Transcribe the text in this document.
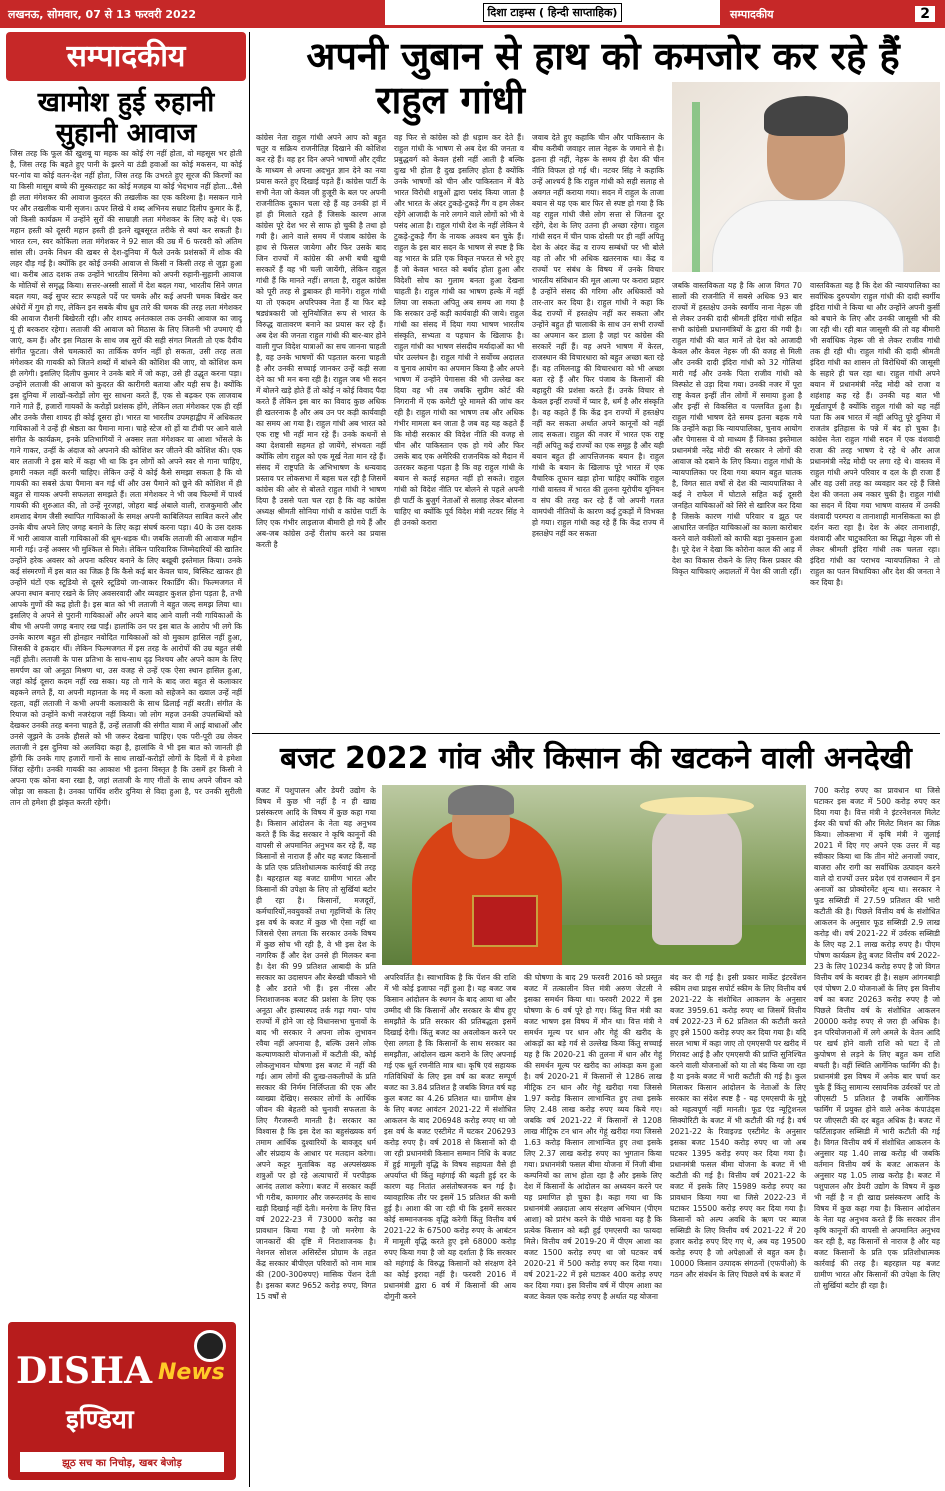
लखनऊ, सोमवार, 07 से 13 फरवरी 2022	दिशा टाइम्स ( हिन्दी साप्ताहिक)	सम्पादकीय	2
सम्पादकीय
खामोश हुई रुहानी
सुहानी आवाज
जिस तरह कि फूल की खुशबू या महक का कोई रंग नहीं होता, वो महसूस भर होती है, जिस तरह कि बहते हुए पानी के झरने या ठंडी हवाओं का कोई मकसन, या कोई घर-गांव या कोई वतन-देश नहीं होता, जिस तरह कि उभरते हुए सूरज की किरणों का या किसी मासूम बच्चे की मुस्कराहट का कोई मजहब या कोई भेदभाव नहीं होता...वैसे ही लता मंगेशकर की आवाज कुदरत की तखलीक का एक करिश्मा है। मसकन गाने पर और तखलीक यानी सृजन। ऊपर लिखे ये शब्द अभिनय सम्राट दिलीप कुमार के हैं, जो किसी कार्यक्रम में उन्होंने सुरों की साम्राज्ञी लता मंगेशकर के लिए कहे थे। एक महान हस्ती को दूसरी महान हस्ती ही इतने खूबसूरत तरीके से बयां कर सकती है। भारत रत्न, स्वर कोकिला लता मंगेशकर ने 92 साल की उम्र में 6 फरवरी को अंतिम सांस ली। उनके निधन की खबर से देश-दुनिया में फैले उनके प्रशंसकों में शोक की लहर दौड़ गई है। क्योंकि हर कोई उनकी आवाज से किसी न किसी तरह से जुड़ा हुआ था। करीब आठ दशक तक उन्होंने भारतीय सिनेमा को अपनी रुहानी-सुहानी आवाज के मोतियों से समृद्ध किया। सत्तर-अस्सी सालों में देश बदल गया, भारतीय सिने जगत बदल गया, कई सुपर स्टार रूपहले पर्दे पर चमके और कई अपनी चमक बिखेर कर अंधेरों में गुम हो गए, लेकिन इन सबके बीच ध्रुव तारे की चमक की तरह लता मंगेशकर की आवाज रौशनी बिखेरती रही। और शायद अनंतकाल तक उनकी आवाज का जादू यूं ही बरकरार रहेगा। लताजी की आवाज को मिठास के लिए जितनी भी उपमाएं दी जाएं, कम हैं। और इस मिठास के साथ जब सुरों की सही संगत मिलती तो एक दैवीय संगीत फूटता। जैसे चमत्कारों का तार्किक वर्णन नहीं हो सकता, उसी तरह लता मंगेशकर की गायकी को जितने शब्दों में बांधने की कोशिश की जाए, वो कोशिश कम ही लगेगी। इसलिए दिलीप कुमार ने उनके बारे में जो कहा, उसे ही उद्धृत करना पड़ा। उन्होंने लताजी की आवाज को कुदरत की कारीगरी बताया और यही सच है। क्योंकि इस दुनिया में लाखों-करोड़ों लोग सुर साधना करते हैं, एक से बढ़कर एक लाजवाब गाने गाते हैं, हजारों गायकों के करोड़ों प्रशंसक होंगे, लेकिन लता मंगेशकर एक ही रहीं और उनके जैसा शायद ही कोई दूसरा हो। भारत या भारतीय उपमहाद्वीप में अधिकतर गायिकाओं ने उन्हें ही श्रेष्ठता का पैमाना माना। चाहे स्टेज शो हों या टीवी पर आने वाले संगीत के कार्यक्रम, इनके प्रतिभागियों ने अक्सर लता मंगेशकर या आशा भोंसले के गाने गाकर, उन्हीं के अंदाज को अपनाने की कोशिश कर जीतने की कोशिश की। एक बार लताजी ने इस बारे में कहा भी था कि इन लोगों को अपने स्वर से गाना चाहिए, हमारी नकल नहीं करनी चाहिए। लेकिन उन्हें ये कोई कैसे समझा सकता है कि वो गायकी का सबसे ऊंचा पैमाना बन गई थीं और उस पैमाने को छूने की कोशिश में ही बहुत से गायक अपनी सफलता समझते हैं। लता मंगेशकर ने भी जब फिल्मों में पार्श्व गायकी की शुरुआत की, तो उन्हें नूरजहां, जोहरा बाई अंबाले वाली, राजकुमारी और शमशाद बेगम जैसी स्थापित गायिकाओं के समक्ष अपनी काबिलियत साबित करने और उनके बीच अपने लिए जगह बनाने के लिए कड़ा संघर्ष करना पड़ा। 40 के उस दशक में भारी आवाज वाली गायिकाओं की धूम-धड़क थी। जबकि लताजी की आवाज महीन मानी गई। उन्हें अक्सर भी मुश्किल से मिले। लेकिन पारिवारिक जिम्मेदारियों की खातिर उन्होंने हरेक अवसर को अपना करियर बनाने के लिए बखूबी इस्तेमाल किया। उनके कई संस्मरणों में इस बात का जिक्र है कि कैसे कई बार केवल चाय, बिस्किट खाकर ही उन्होंने घंटों एक स्टूडियो से दूसरे स्टूडियो जा-जाकर रिकार्डिंग की। फिल्मजगत में अपना स्थान बनाए रखने के लिए अवसरवादी और व्यवहार कुशल होना पड़ता है, तभी आपके गुणों की कद्र होती है। इस बात को भी लताजी ने बहुत जल्द समझ लिया था। इसलिए वे अपने से पुरानी गायिकाओं और अपने बाद आने वाली नयी गायिकाओं के बीच भी अपनी जगह बनाए रख पाईं। हालांकि उन पर इस बात के आरोप भी लगे कि उनके कारण बहुत सी होनहार नवोदित गायिकाओं को वो मुकाम हासिल नहीं हुआ, जिसकी वे हकदार थीं। लेकिन फिल्मजगत में इस तरह के आरोपों की उम्र बहुत लंबी नहीं होती। लताजी के पास प्रतिभा के साथ-साथ दृढ़ निश्चय और अपने काम के लिए समर्पण का जो अनूठा मिश्रण था, उस वजह से उन्हें एक ऐसा स्थान हासिल हुआ, जहां कोई दूसरा कदम नहीं रख सका। यह तो गाने के बाद जरा बहुत से कलाकार बहकने लगते हैं, या अपनी महानता के मद में कला को सहेजने का ख्याल उन्हें नहीं रहता, वहीं लताजी ने कभी अपनी कलाकारी के साथ ढिलाई नहीं बरती। संगीत के रियाज को उन्होंने कभी नजरंदाज नहीं किया। जो लोग महज उनकी उपलब्धियों को देखकर उनकी तरह बनना चाहते हैं, उन्हें लताजी की संगीत यात्रा में आई बाधाओं और उनसे जूझने के उनके हौसले को भी जरूर देखना चाहिए। एक परी-पूरी उम्र लेकर लताजी ने इस दुनिया को अलविदा कहा है, हालांकि वे भी इस बात को जानती ही होंगी कि उनके गाए हजारों गानों के साथ लाखों-करोड़ों लोगों के दिलों में वे हमेशा जिंदा रहेंगी। उनकी गायकी का आकाश भी इतना विस्तृत है कि उसमें हर किसी ने अपना एक कोना बना रखा है, जहां लताजी के गाए गीतों के साथ अपने जीवन को जोड़ा जा सकता है। उनका पार्थिव शरीर दुनिया से विदा हुआ है, पर उनकी सुरीली तान तो हमेशा ही झंकृत करती रहेगी।
DISHA News
इण्डिया
झूठ सच का निचोड़, खबर बेजोड़
अपनी जुबान से हाथ को कमजोर कर रहे हैं
राहुल गांधी
कांग्रेस नेता राहुल गांधी अपने आप को बहुत चतुर व सक्रिय राजनीतिज्ञ दिखाने की कोशिश कर रहे हैं। वह हर दिन अपने भाषणों और ट्वीट के माध्यम से अपना अदभुत ज्ञान देने का नया प्रयास करते हुए दिखाई पड़ते हैं। कांग्रेस पार्टी के सभी नेता जो केवल जी हुजूरी के बल पर अपनी राजनीतिक दुकान चला रहे हैं वह उनकी हां में हां ही मिलाते रहते हैं जिसके कारण आज कांग्रेस पूरे देश भर से साफ हो चुकी है तथा हो गयी है। आने वाले समय में पंजाब कांग्रेस के हाथ से फिसल जायेगा और फिर उसके बाद जिन राज्यों में कांग्रेस की अभी बची खुची सरकारें हैं वह भी चली जायेंगी, लेकिन राहुल गांधी हैं कि मानते नहीं। लगता है, राहुल कांग्रेस को पूरी तरह से डुबाकर ही मानेंगे। राहुल गांधी या तो एकदम अपरिपक्व नेता हैं या फिर बड़े षड्यंत्रकारी जो सुनियोजित रूप से भारत के विरुद्ध वातावरण बनाने का प्रयास कर रहे हैं। अब देश की जनता राहुल गांधी की बार-बार होने वाली गुप्त विदेश यात्राओं का सच जानना चाहती है, वह उनके भाषणों की पड़ताल करना चाहती है और उनकी सच्चाई जानकर उन्हें कड़ी सजा देने का भी मन बना रही है। राहुल जब भी सदन में बोलने खड़े होते हैं तो कोई न कोई विवाद पैदा करते हैं लेकिन इस बार का विवाद कुछ अधिक ही खतरनाक है और अब उन पर कड़ी कार्यवाही का समय आ गया है। राहुल गांधी अब भारत को एक राष्ट्र भी नहीं मान रहे हैं। उनके कथनों से क्या देशवासी सहमत हो जायेंगे, संभवतः नहीं क्योंकि लोग राहुल को एक मूर्ख नेता मान रहे हैं। संसद में राष्ट्रपति के अभिभाषण के धन्यवाद प्रस्ताव पर लोकसभा में बहस चल रही है जिसमें कांग्रेस की ओर से बोलते राहुल गांधी ने भाषण दिया है उससे पता चल रहा है कि वह कांग्रेस अध्यक्ष श्रीमती सोनिया गांधी व कांग्रेस पार्टी के लिए एक गंभीर लाइलाज बीमारी हो गये हैं और अब-जब कांग्रेस उन्हें रीलांच करने का प्रयास करती है
वह फिर से कांग्रेस को ही धड़ाम कर देते हैं। राहुल गांधी के भाषण से अब देश की जनता व प्रबुद्धवर्ग को केवल हंसी नहीं आती है बल्कि दुःख भी होता है दुख इसलिए होता है क्योंकि उनके भाषणों को चीन और पाकिस्तान में बैठे भारत विरोधी शत्रुओं द्वारा पसंद किया जाता है और भारत के अंदर टुकड़े-टुकड़े गैंग व हम लेकर रहेंगे आजादी के नारे लगाने वाले लोगों को भी वे पसंद आता है। राहुल गांधी देश के नहीं लेकिन वे टुकड़े-टुकड़े गैंग के नायक अवश्य बन चुके हैं। राहुल के इस बार सदन के भाषण से स्पष्ट है कि वह भारत के प्रति एक विकृत नफरत से भरे हुए हैं जो केवल भारत को बर्बाद होता हुआ और विदेशी सोच का गुलाम बनता हुआ देखना चाहती है। राहुल गांधी का भाषण हल्के में नहीं लिया जा सकता अपितु अब समय आ गया है कि सरकार उन्हें कड़ी कार्यवाही की जाये। राहुल गांधी का संसद में दिया गया भाषण भारतीय संस्कृति, सभ्यता व पहचान के खिलाफ है। राहुल गांधी का भाषण संसदीय मर्यादाओं का भी घोर उल्लंघन है। राहुल गांधी ने सर्वोच्च अदालत व चुनाव आयोग का अपमान किया है और अपने भाषण में उन्होंने पेगासस की भी उल्लेख कर दिया वह भी तब जबकि सुप्रीम कोर्ट की निगरानी में एक कमेटी पूरे मामले की जांच कर रही है। राहुल गांधी का भाषण तब और अधिक गंभीर मामला बन जाता है जब वह यह कहते हैं कि मोदी सरकार की विदेश नीति की वजह से चीन और पाकिस्तान एक हो गये और फिर उसके बाद एक अमेरिकी राजनयिक को मैदान में उतरकर कहना पड़ता है कि वह राहुल गांधी के बयान से कतई सहमत नहीं हो सकते। राहुल गांधी को विदेश नीति पर बोलने से पहले अपनी ही पार्टी के बुजुर्ग नेताओं से सलाह लेकर बोलना चाहिए था क्योंकि पूर्व विदेश मंत्री नटवर सिंह ने ही उनको करारा
जवाब देते हुए कहाकि चीन और पाकिस्तान के बीच करीबी जवाहर लाल नेहरू के जमाने से है। इतना ही नहीं, नेहरू के समय ही देश की चीन नीति विफल हो गई थी। नटवर सिंह ने कहाकि उन्हें आश्चर्य है कि राहुल गांधी को सही सलाह से अवगत नहीं कराया गया। सदन में राहुल के ताजा बयान से यह एक बार फिर से स्पष्ट हो गया है कि वह राहुल गांधी जैसे लोग सत्ता से जितना दूर रहेंगे, देश के लिए उतना ही अच्छा रहेगा। राहुल गांधी सदन में चीन पाक दोस्ती पर ही नहीं अपितु देश के अंदर केंद्र व राज्य सम्बंधों पर भी बोले वह तो और भी अधिक खतरनाक था। केंद्र व राज्यों पर संबंध के विषय में उनके विचार भारतीय संविधान की मूल आत्मा पर करारा प्रहार है उन्होंने संसद की गरिमा और अधिकारों को तार-तार कर दिया है। राहुल गांधी ने कहा कि केंद्र राज्यों में हस्तक्षेप नहीं कर सकता और उन्होंने बहुत ही चालाकी के साथ उन सभी राज्यों का अपमान कर डाला है जहां पर कांग्रेस की सरकारें नहीं हैं। वह अपने भाषण में केरल, राजस्थान की विचारधारा को बहुत अच्छा बता रहे हैं। वह तमिलनाडु की विचारधारा को भी अच्छा बता रहे हैं और फिर पंजाब के किसानों की बहादुरी की प्रशंसा करते हैं। उनके विचार से केवल इन्हीं राज्यों में प्यार है, धर्म है और संस्कृति है। वह कहते हैं कि केंद्र इन राज्यों में हस्तक्षेप नहीं कर सकता अर्थात अपने कानूनों को नहीं लाद सकता। राहुल की नजर में भारत एक राष्ट्र नहीं अपितु कई राज्यों का एक समूह है और यही बयान बहुत ही आपत्तिजनक बयान है। राहुल गांधी के बयान के खिलाफ पूरे भारत में एक वैचारिक तूफान खड़ा होना चाहिए क्योंकि राहुल गांधी वास्तव में भारत की तुलना यूरोपीय यूनियन व संघ की तरह कर रहे हैं जो अपनी गलत वामपंथी नीतियों के कारण कई टुकड़ों में विभक्त हो गया। राहुल गांधी कह रहे हैं कि केंद्र राज्य में हस्तक्षेप नहीं कर सकता
जबकि वास्तविकता यह है कि आज विगत 70 सालों की राजनीति में सबसे अधिक 93 बार राज्यों में हस्तक्षेप उनके स्वर्गीय नाना नेहरू जी से लेकर उनकी दादी श्रीमती इंदिरा गांधी सहित सभी कांग्रेसी प्रधानमंत्रियों के द्वारा की गयी है। राहुल गांधी की बात मानें तो देश को आजादी केवल और केवल नेहरू जी की वजह से मिली और उनकी दादी इंदिरा गांधी को 32 गोलियां मारी गईं और उनके पिता राजीव गांधी को विस्फोट से उड़ा दिया गया। उनकी नजर में पूरा राष्ट्र केवल इन्हीं तीन लोगों में समाया हुआ है और इन्हीं से विकसित व पल्लवित हुआ है। राहुल गांधी भाषण देते समय इतना बहक गये कि उन्होंने कहा कि न्यायपालिका, चुनाव आयोग और पेगासस ये वो माध्यम हैं जिनका इस्तेमाल प्रधानमंत्री नरेंद्र मोदी की सरकार ने लोगों की आवाज को दबाने के लिए किया। राहुल गांधी के न्यायपालिका पर दिया गया बयान बहुत घातक है, विगत सात वर्षों से देश की न्यायपालिका ने कई ने राफेल में घोटाले सहित कई दूसरी जनहित याचिकाओं को सिरे से खारिज कर दिया है जिसके कारण गांधी परिवार व झूठ पर आधारित जनहित याचिकाओं का काला कारोबार करने वाले वकीलों को काफी बड़ा नुकसान हुआ है। पूरे देश ने देखा कि कोरोना काल की आड़ में देश का विकास रोकने के लिए किस प्रकार की विकृत याचिकाएं अदालतों में पेश की जाती रहीं।
वास्तविकता यह है कि देश की न्यायपालिका का सर्वाधिक दुरुपयोग राहुल गांधी की दादी स्वर्गीय इंदिरा गांधी ने किया था और उन्होंने अपनी कुर्सी को बचाने के लिए और उनकी जासूसी भी की जा रही थी। रही बात जासूसी की तो वह बीमारी भी सर्वाधिक नेहरू जी से लेकर राजीव गांधी तक ही रही थी। राहुल गांधी की दादी श्रीमती इंदिरा गांधी का शासन तो विरोधियों की जासूसी के सहारे ही चल रहा था। राहुल गांधी अपने बयान में प्रधानमंत्री नरेंद्र मोदी को राजा व शहंशाह कह रहे हैं। उनकी यह बात भी मूर्खतापूर्ण है क्योंकि राहुल गांधी को यह नहीं पता कि अब भारत में नहीं अपितु पूरे दुनिया में राजतंत्र इतिहास के पन्ने में बंद हो चुका है। कांग्रेस नेता राहुल गांधी सदन में एक वंशवादी राजा की तरह भाषण दे रहे थे और आज प्रधानमंत्री नरेंद्र मोदी पर लगा रहे थे। वास्तव में राहुल गांधी अपने परिवार व दल के ही राजा हैं और वह उसी तरह का व्यवहार कर रहे हैं जिसे देश की जनता अब नकार चुकी है। राहुल गांधी का सदन में दिया गया भाषण वास्तव में उनकी वंशवादी परम्परा व तानाशाही मानसिकता का ही दर्शन करा रहा है। देश के अंदर तानाशाही, वंशवादी और चाटुकारिता का सिद्धा नेहरू जी से लेकर श्रीमती इंदिरा गांधी तक चलता रहा। इंदिरा गांधी का पराभव न्यायपालिका ने तो राहुल का पतन विधायिका और देश की जनता ने कर दिया है।
बजट 2022 गांव और किसान की खटकने वाली अनदेखी
बजट में पशुपालन और डेयरी उद्योग के विषय में कुछ भी नहीं है न ही खाद्य प्रसंस्करण आदि के विषय में कुछ कहा गया है। किसान आंदोलन के नेता यह अनुभव करते हैं कि केंद्र सरकार ने कृषि कानूनों की वापसी से अपमानित अनुभव कर रहे हैं, वह किसानों से नाराज हैं और यह बजट किसानों के प्रति एक प्रतिशोधात्मक कार्रवाई की तरह है। बहरहाल यह बजट ग्रामीण भारत और किसानों की उपेक्षा के लिए तो सुर्खियां बटोर ही रहा है। किसानों, मजदूरों, कर्मचारियों,नवयुवकों तथा गृहणियों के लिए इस वर्ष के बजट में कुछ भी ऐसा नहीं था जिससे ऐसा लगता कि सरकार उनके विषय में कुछ सोच भी रही है, वे भी इस देश के नागरिक हैं और देश उनसे ही मिलकर बना है। देश की 99 प्रतिशत आबादी के प्रति सरकार का उदासपन और बेरुखी चौंकाने भी है और डराते भी हैं। इस नीरस और निराशाजनक बजट की प्रशंसा के लिए एक अनूठा और हास्यास्पद तर्क गढ़ा गया- पांच राज्यों में होने जा रहे विधानसभा चुनावों के बाद भी सरकार ने अपना लोक लुभावन रवैया नहीं अपनाया है, बल्कि उसने लोक कल्याणकारी योजनाओं में कटौती की, कोई लोकलुभावन घोषणा इस बजट में नहीं की गई। आम लोगों की दुःख-तकलीफों के प्रति सरकार की निर्मम निर्लिप्तता की एक और व्याख्या देखिए। सरकार लोगों के आर्थिक जीवन की बेहतरी को चुनावी सफलता के लिए गैरजरूरी मानती है। सरकार का विश्वास है कि इस देश का बहुसंख्यक वर्ग तमाम आर्थिक दुश्वारियों के बावजूद धर्म और संप्रदाय के आधार पर मतदान करेगा। अपने कट्टर मुताबिक वह अल्पसंख्यक शत्रुओं पर हो रहे अत्याचारों में परपीड़क आनंद तलाश करेगा। बजट में सरकार कहीं भी गरीब, कामगार और जरूरतमंद के साथ खड़ी दिखाई नहीं देती। मनरेगा के लिए वित्त वर्ष 2022-23 में 73000 करोड़ का प्रावधान किया गया है जो मनरेगा के जानकारों की दृष्टि में निराशाजनक है। नेशनल सोशल असिस्टेंस प्रोग्राम के तहत केंद्र सरकार बीपीएल परिवारों को नाम मात्र की (200-300रुपए) मासिक पेंशन देती है। इसका बजट 9652 करोड़ रुपए, विगत 15 वर्षों से
अपरिवर्तित है। स्वाभाविक है कि पेंशन की राशि में भी कोई इजाफा नहीं हुआ है। यह बजट जब किसान आंदोलन के स्थगन के बाद आया था और उम्मीद थी कि किसानों और सरकार के बीच हुए समझौते के प्रति सरकार की प्रतिबद्धता इसमें दिखाई देगी। किंतु बजट का अवलोकन करने पर ऐसा लगता है कि किसानों के साथ सरकार का समझौता, आंदोलन खत्म कराने के लिए अपनाई गई एक धूर्त रणनीति मात्र था। कृषि एवं सहायक गतिविधियों के लिए इस वर्ष का बजट सम्पूर्ण बजट का 3.84 प्रतिशत है जबकि विगत वर्ष यह कुल बजट का 4.26 प्रतिशत था। ग्रामीण क्षेत्र के लिए बजट आवंटन 2021-22 में संशोधित आकलन के बाद 206948 करोड़ रुपए था जो इस वर्ष के बजट एस्टीमेट में घटकर 206293 करोड़ रुपए है। वर्ष 2018 से किसानों को दी जा रही प्रधानमंत्री किसान सम्मान निधि के बजट में हुई मामूली वृद्धि के विषय सहायता वैसे ही अपर्याप्त थी किंतु महंगाई की बढ़ती हुई दर के कारण यह नितांत असंतोषजनक बन गई है। व्यावहारिक तौर पर इसमें 15 प्रतिशत की कमी हुई है। आशा की जा रही थी कि इसमें सरकार कोई सम्मानजनक वृद्धि करेगी किंतु वित्तीय वर्ष 2021-22 के 67500 करोड़ रुपए के आबंटन में मामूली वृद्धि करते हुए इसे 68000 करोड़ रुपए किया गया है जो यह दर्शाता है कि सरकार को महंगाई के विरुद्ध किसानों को संरक्षण देने का कोई इरादा नहीं है। फरवरी 2016 में प्रधानमंत्री द्वारा 6 वर्ष में किसानों की आय दोगुनी करने
की घोषणा के बाद 29 फरवरी 2016 को प्रस्तुत बजट में तत्कालीन वित्त मंत्री अरुण जेटली ने इसका समर्थन किया था। फरवरी 2022 में इस घोषणा के 6 वर्ष पूरे हो गए। किंतु वित्त मंत्री का बजट भाषण इस विषय में मौन था। वित्त मंत्री ने समर्थन मूल्य पर धान और गेहूं की खरीद के आंकड़ों का बड़े गर्व से उल्लेख किया किंतु सच्चाई यह है कि 2020-21 की तुलना में धान और गेहूं की समर्थन मूल्य पर खरीद का आंकड़ा कम हुआ है। वर्ष 2020-21 में किसानों से 1286 लाख मीट्रिक टन धान और गेहूं खरीदा गया जिससे 1.97 करोड़ किसान लाभान्वित हुए तथा इसके लिए 2.48 लाख करोड़ रुपए व्यय किये गए। जबकि वर्ष 2021-22 में किसानों से 1208 लाख मीट्रिक टन धान और गेहूं खरीदा गया जिससे 1.63 करोड़ किसान लाभान्वित हुए तथा इसके लिए 2.37 लाख करोड़ रुपए का भुगतान किया गया। प्रधानमंत्री फसल बीमा योजना में निजी बीमा कम्पनियों का लाभ होता रहा है और इसके लिए देश में किसानों के आंदोलन का अध्ययन करने पर यह प्रमाणित हो चुका है। कहा गया था कि प्रधानमंत्री अन्नदाता आय संरक्षण अभियान (पीएम आशा) को प्रारंभ करने के पीछे भावना यह है कि प्रत्येक किसान को बढ़ी हुई एमएसपी का फायदा मिले। वित्तीय वर्ष 2019-20 में पीएम आशा का बजट 1500 करोड़ रुपए था जो घटकर वर्ष 2020-21 में 500 करोड़ रुपए कर दिया गया। वर्ष 2021-22 में इसे घटाकर 400 करोड़ रुपए कर दिया गया। इस वित्तीय वर्ष में पीएम आशा का बजट केवल एक करोड़ रुपए है अर्थात यह योजना
बंद कर दी गई है। इसी प्रकार मार्केट इंटरवेंशन स्कीम तथा प्राइस सपोर्ट स्कीम के लिए वित्तीय वर्ष 2021-22 के संशोधित आकलन के अनुसार बजट 3959.61 करोड़ रुपए था जिसमें वित्तीय वर्ष 2022-23 में 62 प्रतिशत की कटौती करते हुए इसे 1500 करोड़ रुपए कर दिया गया है। यदि सरल भाषा में कहा जाए तो एमएसपी पर खरीद में गिरावट आई है और एमएसपी की प्राप्ति सुनिश्चित करने वाली योजनाओं को या तो बंद किया जा रहा है या इनके बजट में भारी कटौती की गई है। कुल मिलाकर किसान आंदोलन के नेताओं के लिए सरकार का संदेश स्पष्ट है - यह एमएसपी के मुद्दे को महत्वपूर्ण नहीं मानती। फूड एंड न्यूट्रिशनल सिक्योरिटी के बजट में भी कटौती की गई है। वर्ष 2021-22 के रिवाइज्ड एस्टीमेट के अनुसार इसका बजट 1540 करोड़ रुपए था जो अब घटकर 1395 करोड़ रुपए कर दिया गया है। प्रधानमंत्री फसल बीमा योजना के बजट में भी कटौती की गई है। वित्तीय वर्ष 2021-22 के बजट में इसके लिए 15989 करोड़ रुपए का प्रावधान किया गया था जिसे 2022-23 में घटाकर 15500 करोड़ रुपए कर दिया गया है। किसानों को अल्प अवधि के ऋण पर ब्याज सब्सिडी के लिए वित्तीय वर्ष 2021-22 में 20 हजार करोड़ रुपए दिए गए थे, अब यह 19500 करोड़ रुपए है जो अपेक्षाओं से बहुत कम है। 10000 किसान उत्पादक संगठनों (एफपीओ) के गठन और संवर्धन के लिए पिछले वर्ष के बजट में
700 करोड़ रुपए का प्रावधान था जिसे घटाकर इस बजट में 500 करोड़ रुपए कर दिया गया है। वित्त मंत्री ने इंटरनेशनल मिलेट ईयर की चर्चा की और मिलेट मिशन का जिक्र किया। लोकसभा में कृषि मंत्री ने जुलाई 2021 में दिए गए अपने एक उत्तर में यह स्वीकार किया था कि तीन मोटे अनाजों ज्वार, बाजरा और रागी का सर्वाधिक उत्पादन करने वाले दो राज्यों उत्तर प्रदेश एवं राजस्थान में इन अनाजों का प्रोक्योरमेंट शून्य था। सरकार ने फूड सब्सिडी में 27.59 प्रतिशत की भारी कटौती की है। पिछले वित्तीय वर्ष के संशोधित आकलन के अनुसार फूड सब्सिडी 2.9 लाख करोड़ थी। वर्ष 2021-22 में उर्वरक सब्सिडी के लिए यह 2.1 लाख करोड़ रुपए है। पीएम पोषण कार्यक्रम हेतु बजट वित्तीय वर्ष 2022-23 के लिए 10234 करोड़ रुपए है जो विगत वित्तीय वर्ष के बराबर ही है। सक्षम आंगनबाड़ी एवं पोषण 2.0 योजनाओं के लिए इस वित्तीय वर्ष का बजट 20263 करोड़ रुपए है जो पिछले वित्तीय वर्ष के संशोधित आकलन 20000 करोड़ रुपए से जरा ही अधिक है। इन परियोजनाओं में लगे अमले के वेतन आदि पर खर्च होने वाली राशि को घटा दें तो कुपोषण से लड़ने के लिए बहुत कम राशि बचती है। वहीं स्थिति आर्गेनिक फार्मिंग की है। प्रधानमंत्री इस विषय में अनेक बार चर्चा कर चुके हैं किंतु सामान्य रसायनिक उर्वरकों पर तो जीएसटी 5 प्रतिशत है जबकि आर्गेनिक फार्मिंग में प्रयुक्त होने वाले अनेक कंपाउंड्स पर जीएसटी की दर बहुत अधिक है। बजट में फर्टिलाइजर सब्सिडी में भारी कटौती की गई है। विगत वित्तीय वर्ष में संशोधित आकलन के अनुसार यह 1.40 लाख करोड़ थी जबकि वर्तमान वित्तीय वर्ष के बजट आकलन के अनुसार यह 1.05 लाख करोड़ है। बजट में पशुपालन और डेयरी उद्योग के विषय में कुछ भी नहीं है न ही खाद्य प्रसंस्करण आदि के विषय में कुछ कहा गया है। किसान आंदोलन के नेता यह अनुभव करते हैं कि सरकार तीन कृषि कानूनों की वापसी से अपमानित अनुभव कर रही है, वह किसानों से नाराज है और यह बजट किसानों के प्रति एक प्रतिशोधात्मक कार्रवाई की तरह है। बहरहाल यह बजट ग्रामीण भारत और किसानों की उपेक्षा के लिए तो सुर्खियां बटोर ही रहा है।
